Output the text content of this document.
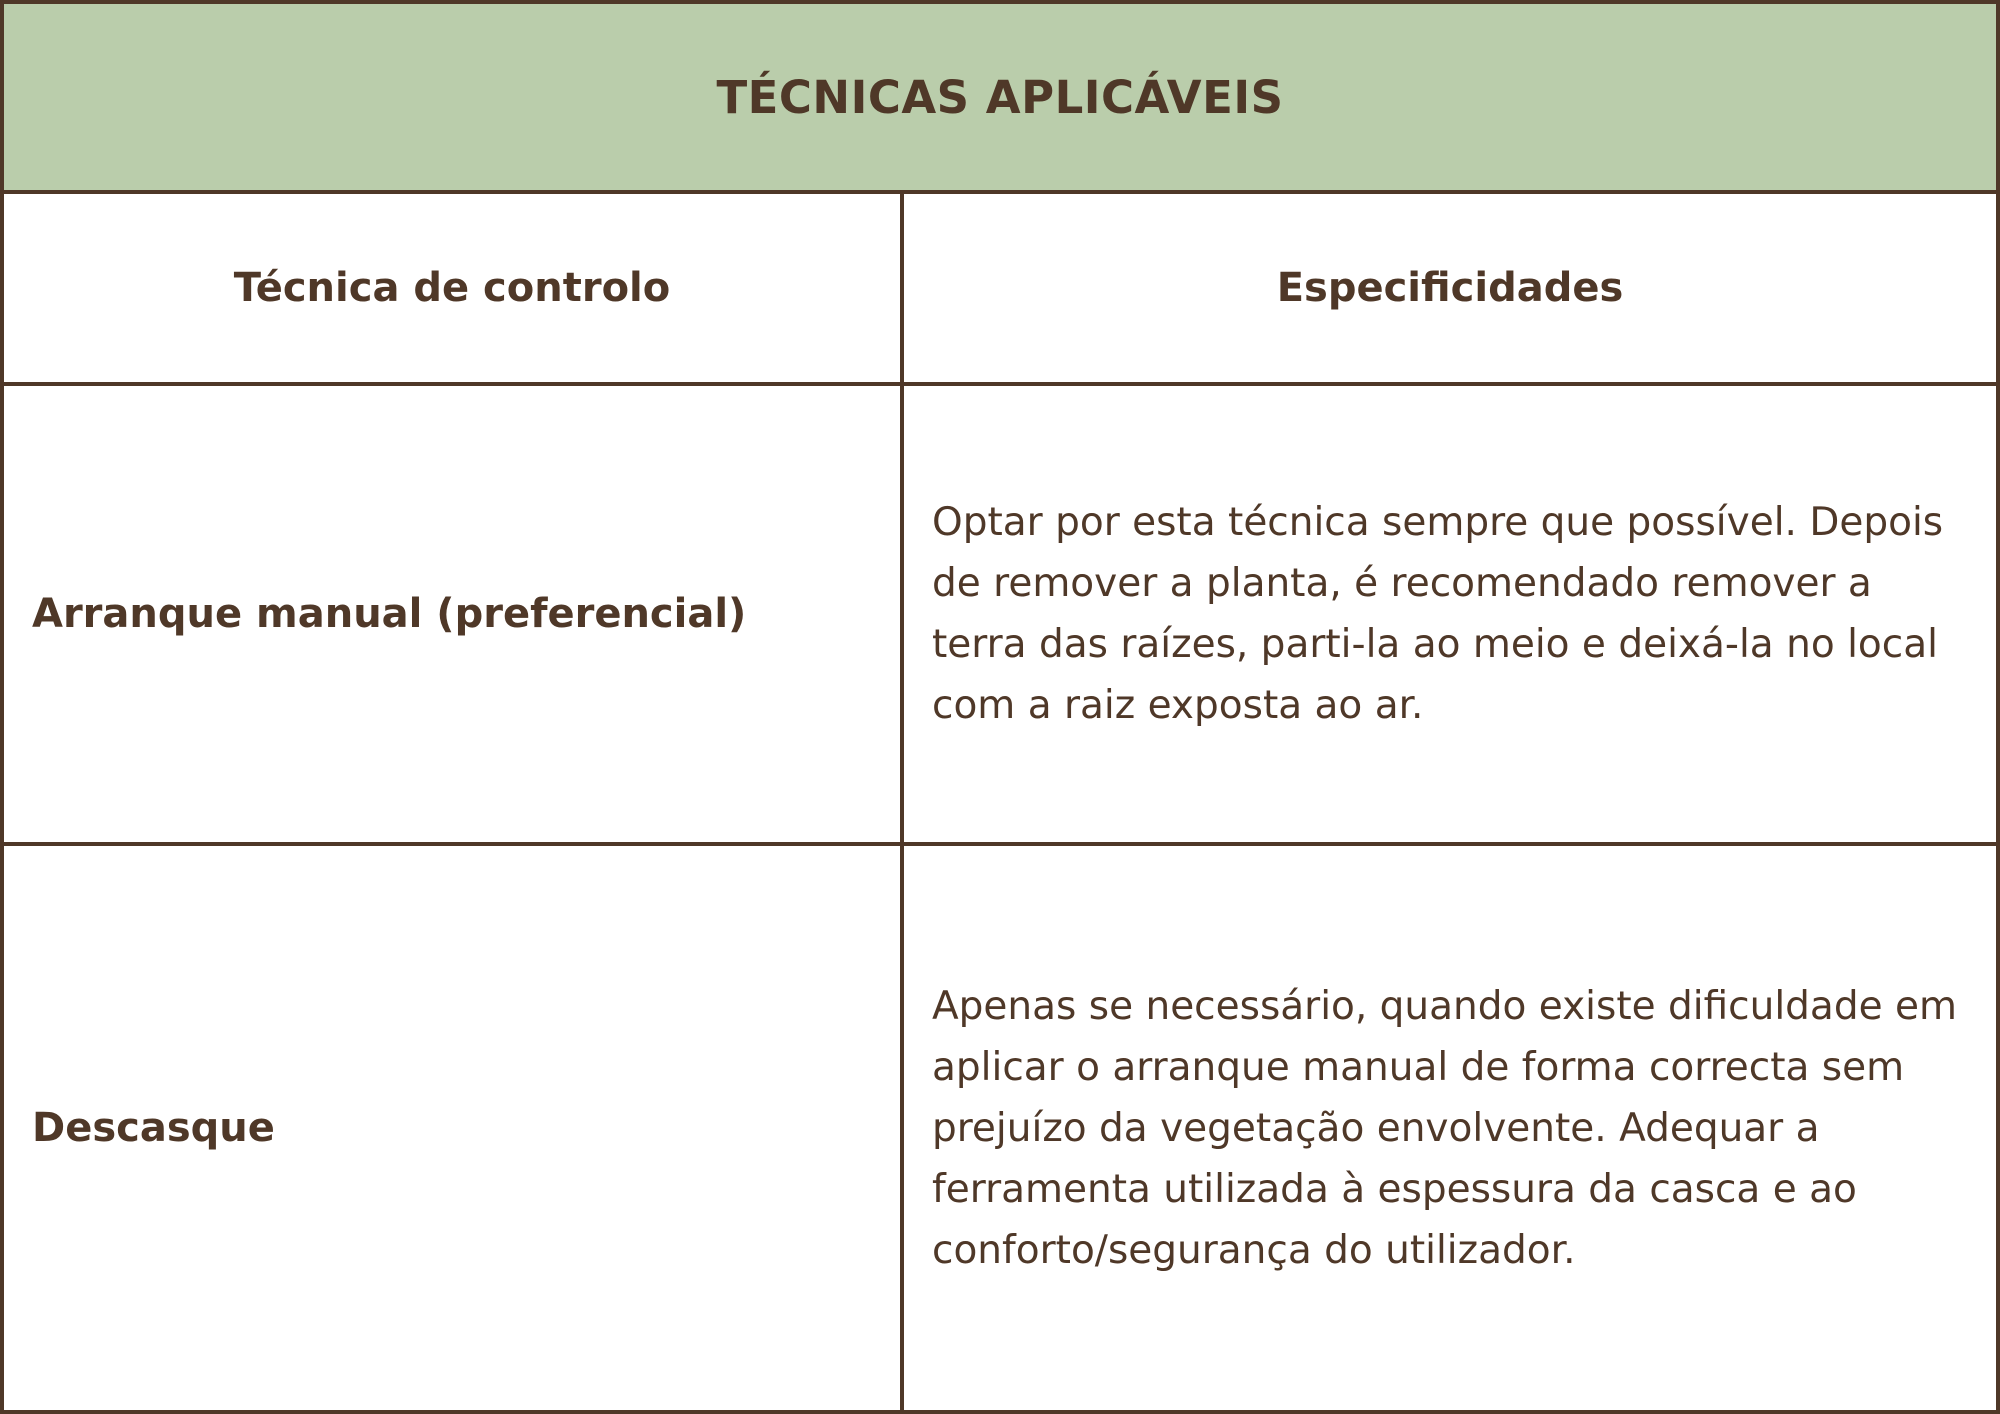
TÉCNICAS APLICÁVEIS
Técnica de controlo	Especificidades
Arranque manual (preferencial)
Optar por esta técnica sempre que possível. Depois de remover a planta, é recomendado remover a terra das raízes, parti-la ao meio e deixá-la no local com a raiz exposta ao ar.
Descasque
Apenas se necessário, quando existe dificuldade em aplicar o arranque manual de forma correcta sem prejuízo da vegetação envolvente. Adequar a ferramenta utilizada à espessura da casca e ao conforto/segurança do utilizador.
